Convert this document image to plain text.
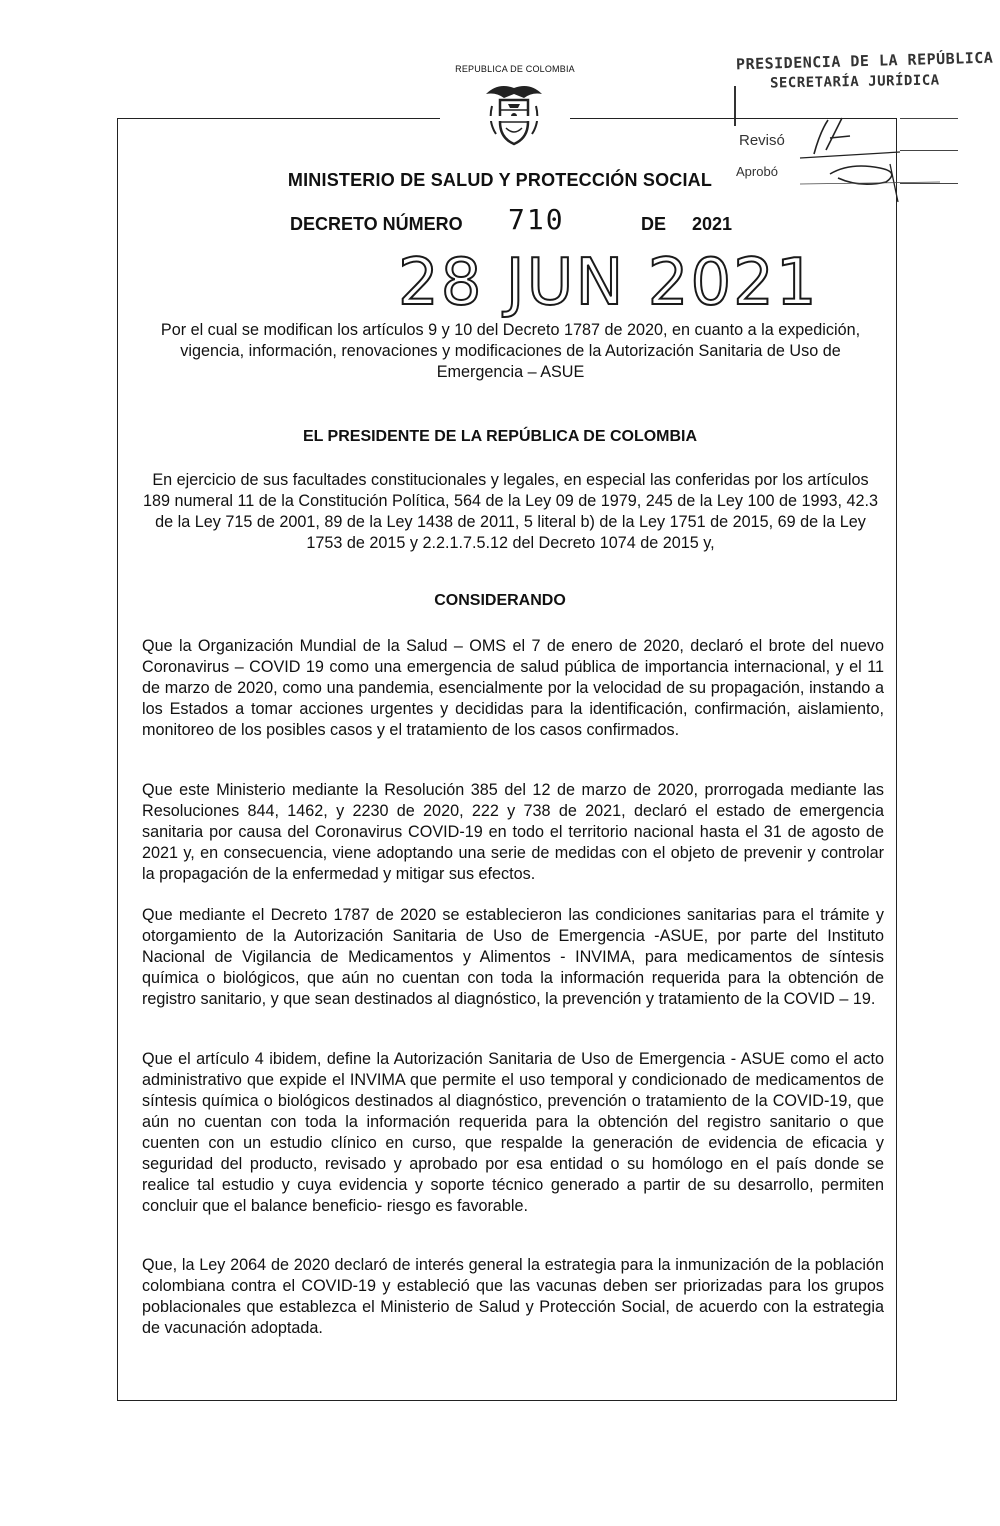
REPUBLICA DE COLOMBIA	PRESIDENCIA DE LA REPÚBLICA
SECRETARÍA JURÍDICA
Revisó
Aprobó
MINISTERIO DE SALUD Y PROTECCIÓN SOCIAL
DECRETO NÚMERO 710	DE 2021
28 JUN 2021
Por el cual se modifican los artículos 9 y 10 del Decreto 1787 de 2020, en cuanto a la expedición, vigencia, información, renovaciones y modificaciones de la Autorización Sanitaria de Uso de Emergencia – ASUE
EL PRESIDENTE DE LA REPÚBLICA DE COLOMBIA
En ejercicio de sus facultades constitucionales y legales, en especial las conferidas por los artículos 189 numeral 11 de la Constitución Política, 564 de la Ley 09 de 1979, 245 de la Ley 100 de 1993, 42.3 de la Ley 715 de 2001, 89 de la Ley 1438 de 2011, 5 literal b) de la Ley 1751 de 2015, 69 de la Ley 1753 de 2015 y 2.2.1.7.5.12 del Decreto 1074 de 2015 y,
CONSIDERANDO

Que la Organización Mundial de la Salud – OMS el 7 de enero de 2020, declaró el brote del nuevo Coronavirus – COVID 19 como una emergencia de salud pública de importancia internacional, y el 11 de marzo de 2020, como una pandemia, esencialmente por la velocidad de su propagación, instando a los Estados a tomar acciones urgentes y decididas para la identificación, confirmación, aislamiento, monitoreo de los posibles casos y el tratamiento de los casos confirmados.

Que este Ministerio mediante la Resolución 385 del 12 de marzo de 2020, prorrogada mediante las Resoluciones 844, 1462, y 2230 de 2020, 222 y 738 de 2021, declaró el estado de emergencia sanitaria por causa del Coronavirus COVID-19 en todo el territorio nacional hasta el 31 de agosto de 2021 y, en consecuencia, viene adoptando una serie de medidas con el objeto de prevenir y controlar la propagación de la enfermedad y mitigar sus efectos.

Que mediante el Decreto 1787 de 2020 se establecieron las condiciones sanitarias para el trámite y otorgamiento de la Autorización Sanitaria de Uso de Emergencia -ASUE, por parte del Instituto Nacional de Vigilancia de Medicamentos y Alimentos - INVIMA, para medicamentos de síntesis química o biológicos, que aún no cuentan con toda la información requerida para la obtención de registro sanitario, y que sean destinados al diagnóstico, la prevención y tratamiento de la COVID – 19.

Que el artículo 4 ibidem, define la Autorización Sanitaria de Uso de Emergencia - ASUE como el acto administrativo que expide el INVIMA que permite el uso temporal y condicionado de medicamentos de síntesis química o biológicos destinados al diagnóstico, prevención o tratamiento de la COVID-19, que aún no cuentan con toda la información requerida para la obtención del registro sanitario o que cuenten con un estudio clínico en curso, que respalde la generación de evidencia de eficacia y seguridad del producto, revisado y aprobado por esa entidad o su homólogo en el país donde se realice tal estudio y cuya evidencia y soporte técnico generado a partir de su desarrollo, permiten concluir que el balance beneficio- riesgo es favorable.

Que, la Ley 2064 de 2020 declaró de interés general la estrategia para la inmunización de la población colombiana contra el COVID-19 y estableció que las vacunas deben ser priorizadas para los grupos poblacionales que establezca el Ministerio de Salud y Protección Social, de acuerdo con la estrategia de vacunación adoptada.
